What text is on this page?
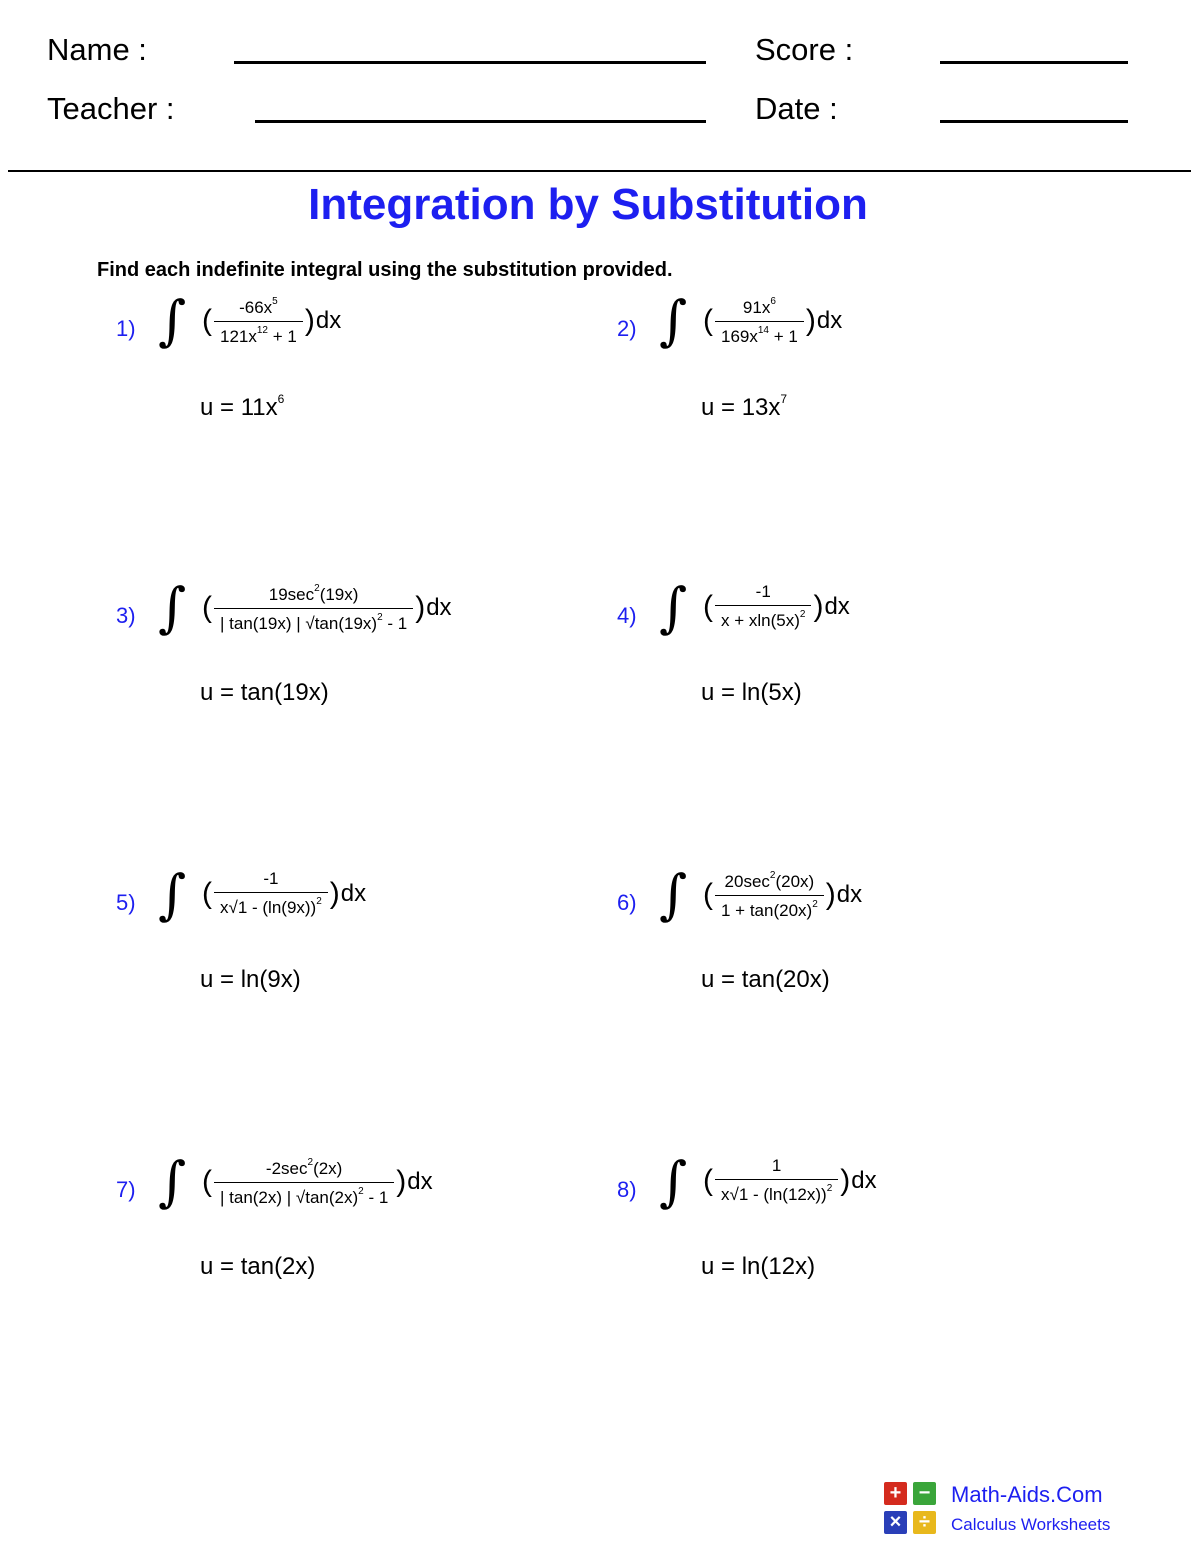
Name :	Score :
Teacher :	Date :
Integration by Substitution
Find each indefinite integral using the substitution provided.
1) ∫ ( $\frac{-66x^5}{121x^{12} + 1}$ ) dx
$u = 11x^6$
2) ∫ ( $\frac{91x^6}{169x^{14} + 1}$ ) dx
$u = 13x^7$
3) ∫ ( $\frac{19\sec^2(19x)}{| \tan(19x) | √\tan(19x)^2 - 1}$ ) dx
u = tan(19x)
4) ∫ ( $\frac{-1}{x + xln(5x)^2}$ ) dx
u = ln(5x)
5) ∫ ( $\frac{-1}{x√1 - (\ln(9x))^2}$ ) dx
u = ln(9x)
6) ∫ ( $\frac{20\sec^2(20x)}{1 + \tan(20x)^2}$ ) dx
u = tan(20x)
7) ∫ ( $\frac{-2\sec^2(2x)}{| \tan(2x) | √\tan(2x)^2 - 1}$ ) dx
u = tan(2x)
8) ∫ ( $\frac{1}{x√1 - (\ln(12x))^2}$ ) dx
u = ln(12x)
+ −
× ÷
Math-Aids.Com
Calculus Worksheets
